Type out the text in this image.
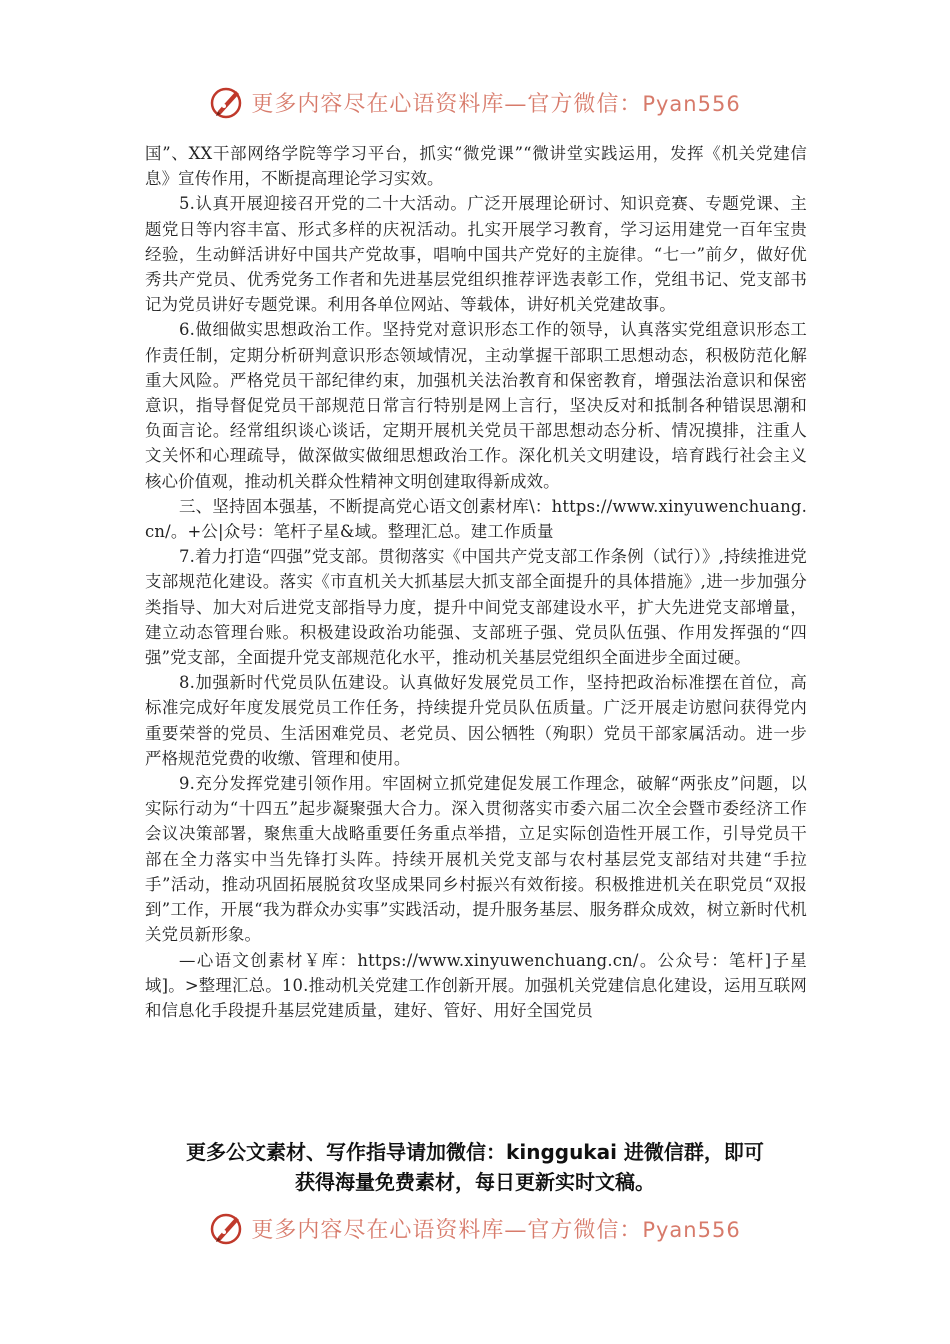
更多内容尽在心语资料库—官方微信：Pyan556

国”、XX干部网络学院等学习平台，抓实“微党课”“微讲堂实践运用，发挥《机关党建信息》宣传作用，不断提高理论学习实效。

5.认真开展迎接召开党的二十大活动。广泛开展理论研讨、知识竞赛、专题党课、主题党日等内容丰富、形式多样的庆祝活动。扎实开展学习教育，学习运用建党一百年宝贵经验，生动鲜活讲好中国共产党故事，唱响中国共产党好的主旋律。“七一”前夕，做好优秀共产党员、优秀党务工作者和先进基层党组织推荐评选表彰工作，党组书记、党支部书记为党员讲好专题党课。利用各单位网站、等载体，讲好机关党建故事。

6.做细做实思想政治工作。坚持党对意识形态工作的领导，认真落实党组意识形态工作责任制，定期分析研判意识形态领域情况，主动掌握干部职工思想动态，积极防范化解重大风险。严格党员干部纪律约束，加强机关法治教育和保密教育，增强法治意识和保密意识，指导督促党员干部规范日常言行特别是网上言行，坚决反对和抵制各种错误思潮和负面言论。经常组织谈心谈话，定期开展机关党员干部思想动态分析、情况摸排，注重人文关怀和心理疏导，做深做实做细思想政治工作。深化机关文明建设，培育践行社会主义核心价值观，推动机关群众性精神文明创建取得新成效。

三、坚持固本强基，不断提高党心语文创素材库\：https://www.xinyuwenchuang.cn/。+公|众号：笔杆子星&域。整理汇总。建工作质量

7.着力打造“四强”党支部。贯彻落实《中国共产党支部工作条例（试行）》,持续推进党支部规范化建设。落实《市直机关大抓基层大抓支部全面提升的具体措施》,进一步加强分类指导、加大对后进党支部指导力度，提升中间党支部建设水平，扩大先进党支部增量，建立动态管理台账。积极建设政治功能强、支部班子强、党员队伍强、作用发挥强的“四强”党支部，全面提升党支部规范化水平，推动机关基层党组织全面进步全面过硬。

8.加强新时代党员队伍建设。认真做好发展党员工作，坚持把政治标准摆在首位，高标准完成好年度发展党员工作任务，持续提升党员队伍质量。广泛开展走访慰问获得党内重要荣誉的党员、生活困难党员、老党员、因公牺牲（殉职）党员干部家属活动。进一步严格规范党费的收缴、管理和使用。

9.充分发挥党建引领作用。牢固树立抓党建促发展工作理念，破解“两张皮”问题，以实际行动为“十四五”起步凝聚强大合力。深入贯彻落实市委六届二次全会暨市委经济工作会议决策部署，聚焦重大战略重要任务重点举措，立足实际创造性开展工作，引导党员干部在全力落实中当先锋打头阵。持续开展机关党支部与农村基层党支部结对共建“手拉手”活动，推动巩固拓展脱贫攻坚成果同乡村振兴有效衔接。积极推进机关在职党员“双报到”工作，开展“我为群众办实事”实践活动，提升服务基层、服务群众成效，树立新时代机关党员新形象。

—心语文创素材￥库：https://www.xinyuwenchuang.cn/。公众号：笔杆]子星域]。>整理汇总。10.推动机关党建工作创新开展。加强机关党建信息化建设，运用互联网和信息化手段提升基层党建质量，建好、管好、用好全国党员

更多公文素材、写作指导请加微信：kinggukai 进微信群，即可
获得海量免费素材，每日更新实时文稿。
更多内容尽在心语资料库—官方微信：Pyan556
